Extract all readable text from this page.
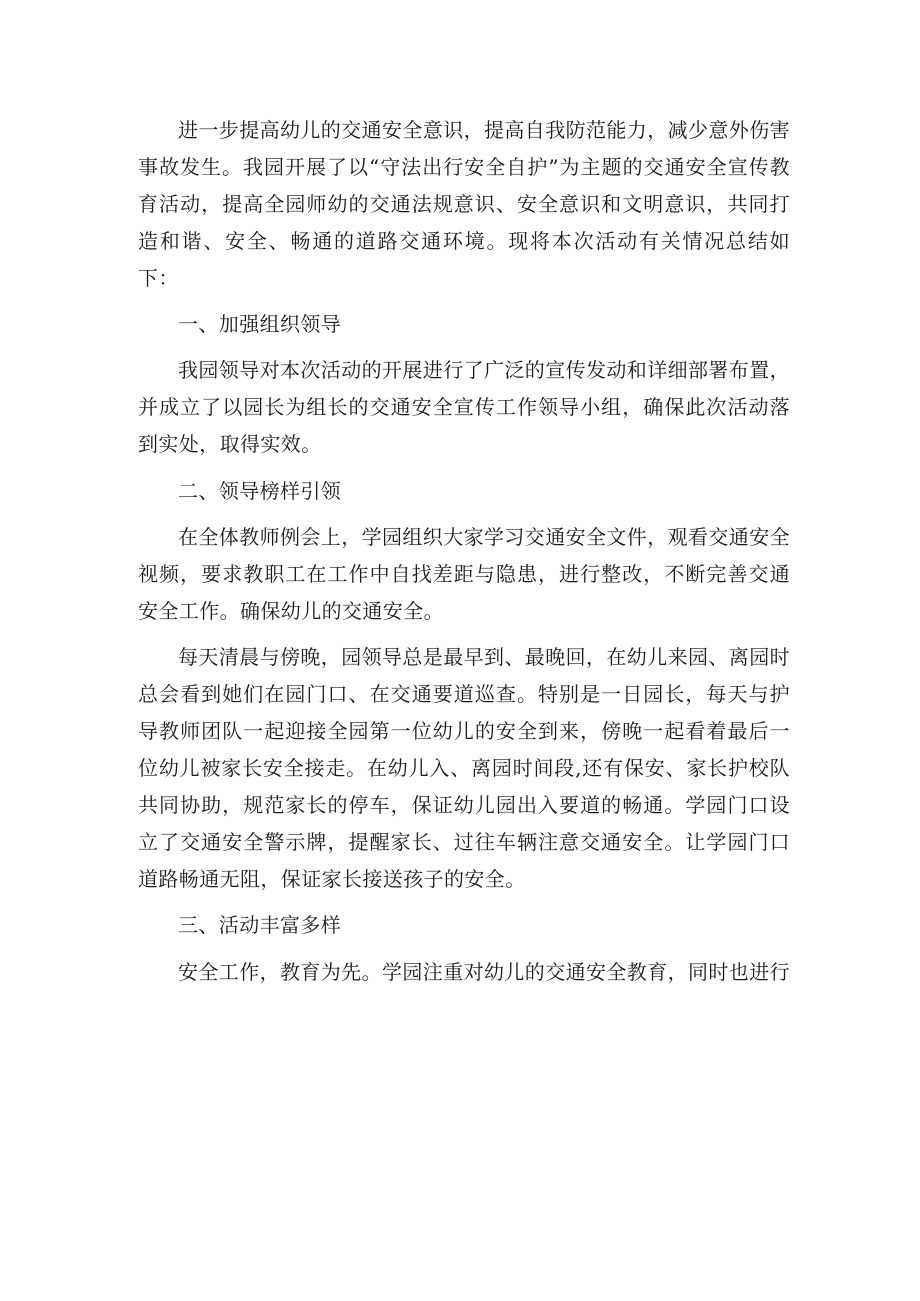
进一步提高幼儿的交通安全意识，提高自我防范能力，减少意外伤害事故发生。我园开展了以“守法出行安全自护”为主题的交通安全宣传教育活动，提高全园师幼的交通法规意识、安全意识和文明意识，共同打造和谐、安全、畅通的道路交通环境。现将本次活动有关情况总结如下：

一、加强组织领导

我园领导对本次活动的开展进行了广泛的宣传发动和详细部署布置，并成立了以园长为组长的交通安全宣传工作领导小组，确保此次活动落到实处，取得实效。

二、领导榜样引领

在全体教师例会上，学园组织大家学习交通安全文件，观看交通安全视频，要求教职工在工作中自找差距与隐患，进行整改，不断完善交通安全工作。确保幼儿的交通安全。

每天清晨与傍晚，园领导总是最早到、最晚回，在幼儿来园、离园时总会看到她们在园门口、在交通要道巡查。特别是一日园长，每天与护导教师团队一起迎接全园第一位幼儿的安全到来，傍晚一起看着最后一位幼儿被家长安全接走。在幼儿入、离园时间段,还有保安、家长护校队共同协助，规范家长的停车，保证幼儿园出入要道的畅通。学园门口设立了交通安全警示牌，提醒家长、过往车辆注意交通安全。让学园门口道路畅通无阻，保证家长接送孩子的安全。

三、活动丰富多样

安全工作，教育为先。学园注重对幼儿的交通安全教育，同时也进行
